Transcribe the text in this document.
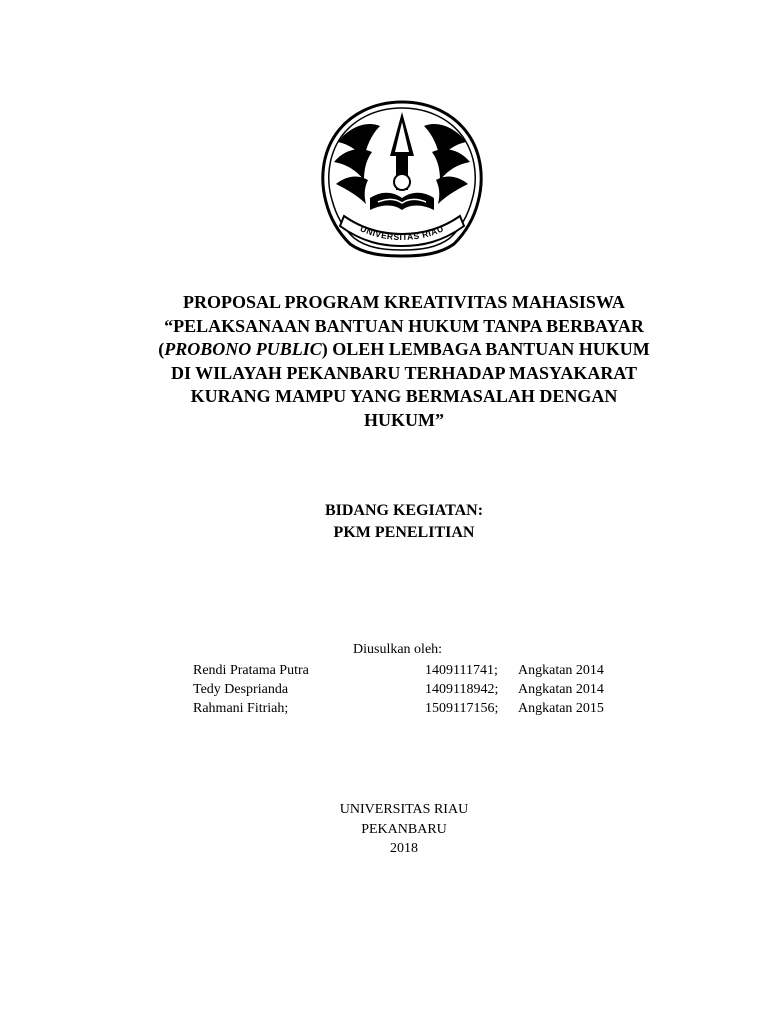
UNIVERSITAS RIAU
PROPOSAL PROGRAM KREATIVITAS MAHASISWA
“PELAKSANAAN BANTUAN HUKUM TANPA BERBAYAR
(PROBONO PUBLIC) OLEH LEMBAGA BANTUAN HUKUM
DI WILAYAH PEKANBARU TERHADAP MASYAKARAT
KURANG MAMPU YANG BERMASALAH DENGAN
HUKUM”
BIDANG KEGIATAN:
PKM PENELITIAN
Diusulkan oleh:
Rendi Pratama Putra	1409111741; Angkatan 2014
Tedy Desprianda	1409118942; Angkatan 2014
Rahmani Fitriah;	1509117156; Angkatan 2015
UNIVERSITAS RIAU
PEKANBARU
2018
